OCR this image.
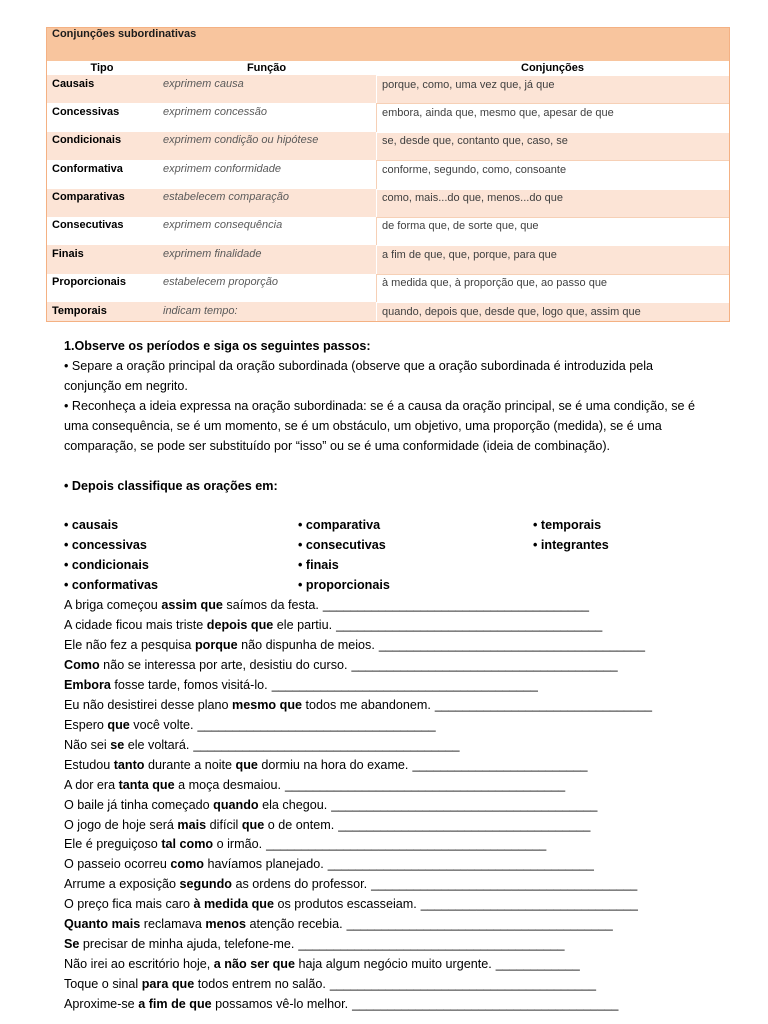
Conjunções subordinativas
Tipo	Função	Conjunções
Causais	exprimem causa	porque, como, uma vez que, já que
Concessivas	exprimem concessão	embora, ainda que, mesmo que, apesar de que
Condicionais	exprimem condição ou hipótese	se, desde que, contanto que, caso, se
Conformativa	exprimem conformidade	conforme, segundo, como, consoante
Comparativas	estabelecem comparação	como, mais...do que, menos...do que
Consecutivas	exprimem consequência	de forma que, de sorte que, que
Finais	exprimem finalidade	a fim de que, que, porque, para que
Proporcionais	estabelecem proporção	à medida que, à proporção que, ao passo que
Temporais	indicam tempo:	quando, depois que, desde que, logo que, assim que
1.Observe os períodos e siga os seguintes passos:
• Separe a oração principal da oração subordinada (observe que a oração subordinada é introduzida pela
conjunção em negrito.
• Reconheça a ideia expressa na oração subordinada: se é a causa da oração principal, se é uma condição, se é
uma consequência, se é um momento, se é um obstáculo, um objetivo, uma proporção (medida), se é uma
comparação, se pode ser substituído por “isso” ou se é uma conformidade (ideia de combinação).
• Depois classifique as orações em:
• causais
• concessivas
• condicionais
• conformativas
• comparativa
• consecutivas
• finais
• proporcionais
• temporais
• integrantes
A briga começou assim que saímos da festa. ______________________________________
A cidade ficou mais triste depois que ele partiu. ______________________________________
Ele não fez a pesquisa porque não dispunha de meios. ______________________________________
Como não se interessa por arte, desistiu do curso. ______________________________________
Embora fosse tarde, fomos visitá-lo. ______________________________________
Eu não desistirei desse plano mesmo que todos me abandonem. _______________________________
Espero que você volte. __________________________________
Não sei se ele voltará. ______________________________________
Estudou tanto durante a noite que dormiu na hora do exame. _________________________
A dor era tanta que a moça desmaiou. ________________________________________
O baile já tinha começado quando ela chegou. ______________________________________
O jogo de hoje será mais difícil que o de ontem. ____________________________________
Ele é preguiçoso tal como o irmão. ________________________________________
O passeio ocorreu como havíamos planejado. ______________________________________
Arrume a exposição segundo as ordens do professor. ______________________________________
O preço fica mais caro à medida que os produtos escasseiam. _______________________________
Quanto mais reclamava menos atenção recebia. ______________________________________
Se precisar de minha ajuda, telefone-me. ______________________________________
Não irei ao escritório hoje, a não ser que haja algum negócio muito urgente. ____________
Toque o sinal para que todos entrem no salão. ______________________________________
Aproxime-se a fim de que possamos vê-lo melhor. ______________________________________
